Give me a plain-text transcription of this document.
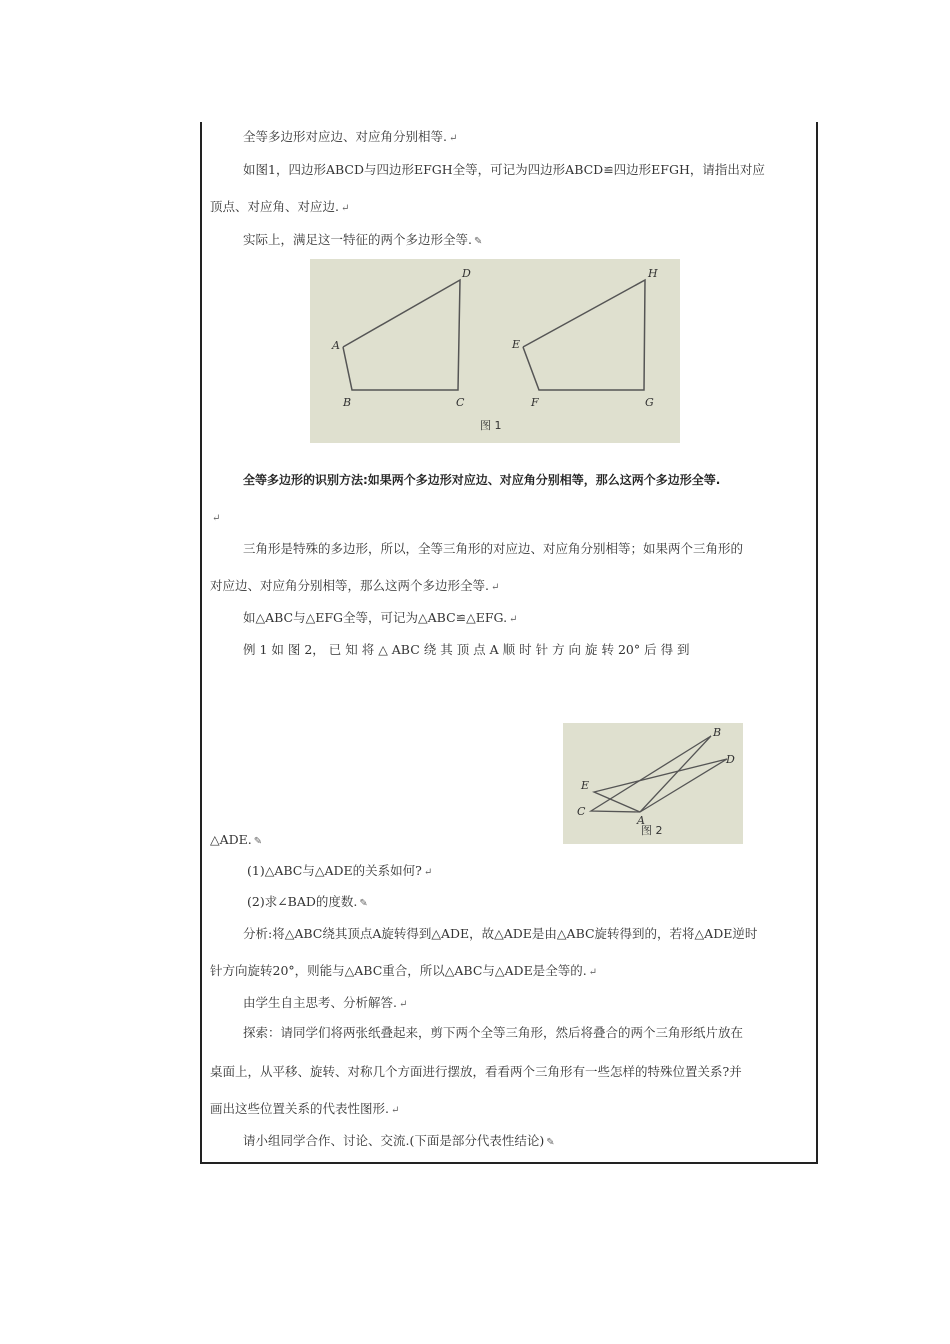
全等多边形对应边、对应角分别相等. ↵
如图1，四边形ABCD与四边形EFGH全等，可记为四边形ABCD≌四边形EFGH，请指出对应
顶点、对应角、对应边. ↵
实际上，满足这一特征的两个多边形全等. ✎
A
B	C
D
E
F	G
H
图 1
全等多边形的识别方法:如果两个多边形对应边、对应角分别相等，那么这两个多边形全等.
↵
三角形是特殊的多边形，所以，全等三角形的对应边、对应角分别相等；如果两个三角形的
对应边、对应角分别相等，那么这两个多边形全等. ↵
如△ABC与△EFG全等，可记为△ABC≌△EFG. ↵
例 1 如 图 2， 已 知 将 △ ABC 绕 其 顶 点 A 顺 时 针 方 向 旋 转 20° 后 得 到
A
B
C
D
E
图 2
△ADE. ✎
(1)△ABC与△ADE的关系如何? ↵
(2)求∠BAD的度数. ✎
分析:将△ABC绕其顶点A旋转得到△ADE，故△ADE是由△ABC旋转得到的，若将△ADE逆时
针方向旋转20°，则能与△ABC重合，所以△ABC与△ADE是全等的. ↵
由学生自主思考、分析解答. ↵
探索：请同学们将两张纸叠起来，剪下两个全等三角形，然后将叠合的两个三角形纸片放在
桌面上，从平移、旋转、对称几个方面进行摆放，看看两个三角形有一些怎样的特殊位置关系?并
画出这些位置关系的代表性图形. ↵
请小组同学合作、讨论、交流.(下面是部分代表性结论) ✎
